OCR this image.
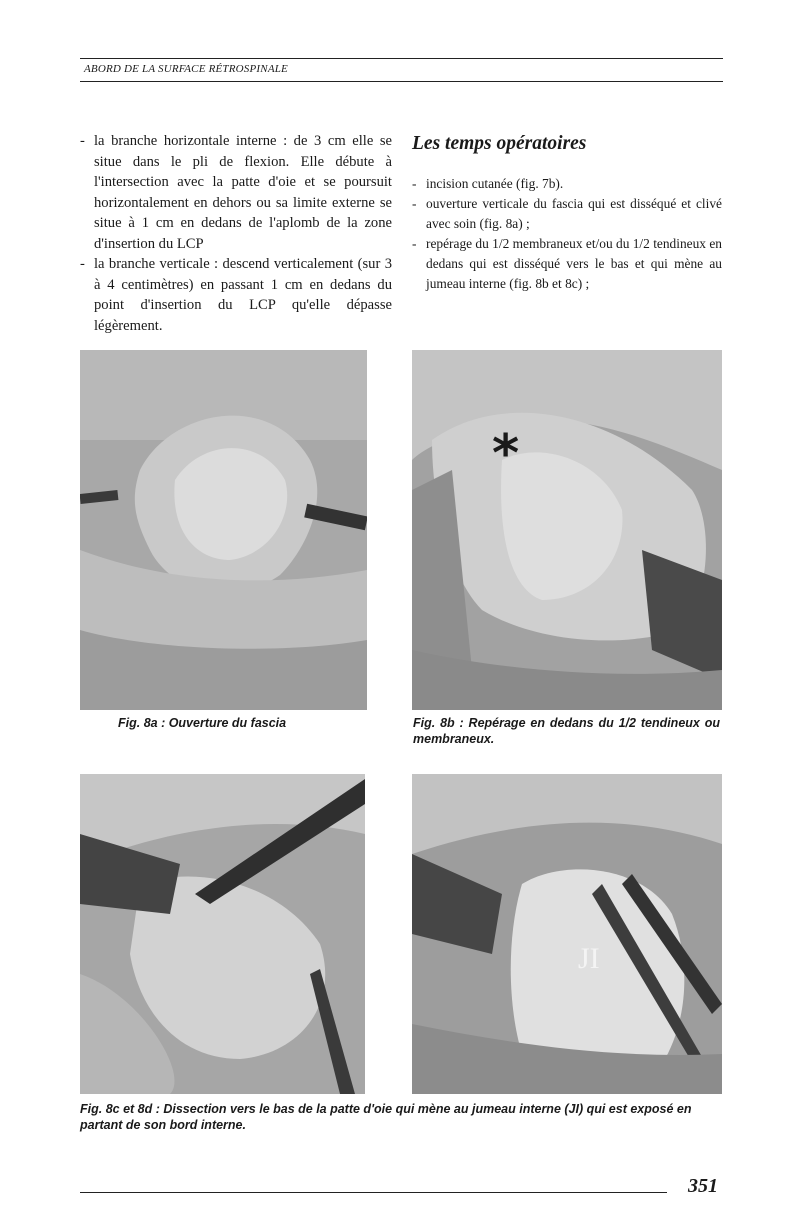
ABORD DE LA SURFACE RÉTROSPINALE

- la branche horizontale interne : de 3 cm elle se situe dans le pli de flexion. Elle débute à l'intersection avec la patte d'oie et se poursuit horizontalement en dehors ou sa limite externe se situe à 1 cm en dedans de l'aplomb de la zone d'insertion du LCP

- la branche verticale : descend verticalement (sur 3 à 4 centimètres) en passant 1 cm en dedans du point d'insertion du LCP qu'elle dépasse légèrement.

Les temps opératoires

- incision cutanée (fig. 7b).

- ouverture verticale du fascia qui est disséqué et clivé avec soin (fig. 8a) ;

- repérage du 1/2 membraneux et/ou du 1/2 tendineux en dedans qui est disséqué vers le bas et qui mène au jumeau interne (fig. 8b et 8c) ;

*
Fig. 8a : Ouverture du fascia	Fig. 8b : Repérage en dedans du 1/2 tendineux ou membraneux.
JI
Fig. 8c et 8d : Dissection vers le bas de la patte d'oie qui mène au jumeau interne (JI) qui est exposé en partant de son bord interne.
351
